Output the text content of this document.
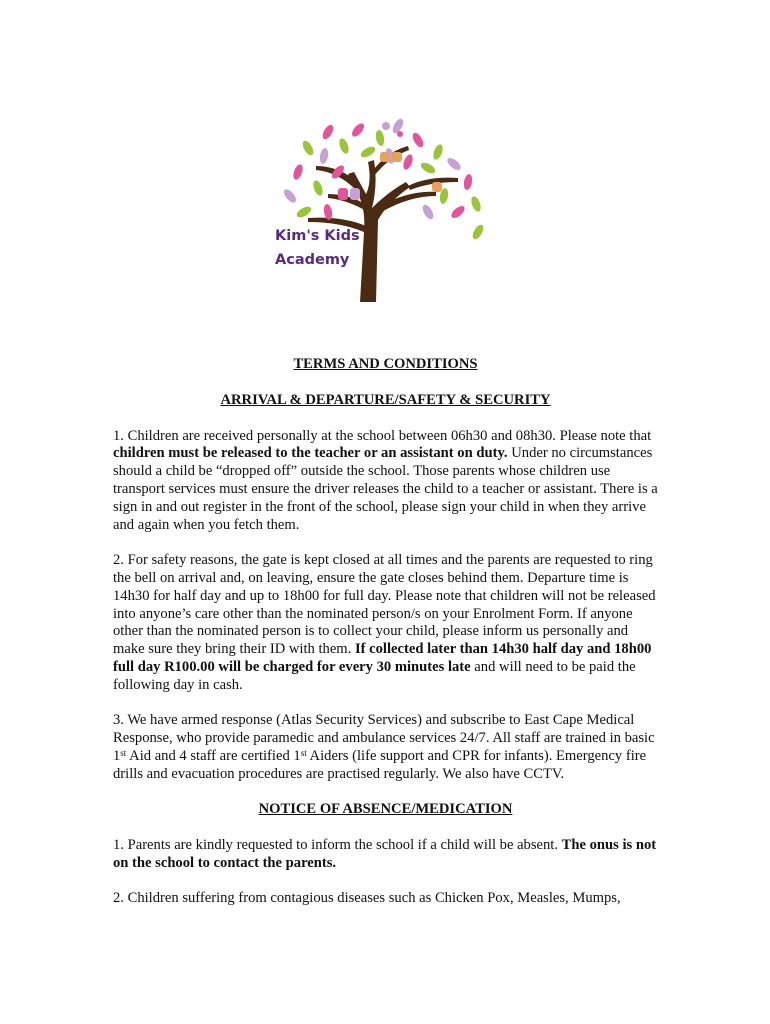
Kim's Kids
Academy
TERMS AND CONDITIONS
ARRIVAL & DEPARTURE/SAFETY & SECURITY

1. Children are received personally at the school between 06h30 and 08h30. Please note that children must be released to the teacher or an assistant on duty. Under no circumstances should a child be “dropped off” outside the school. Those parents whose children use transport services must ensure the driver releases the child to a teacher or assistant. There is a sign in and out register in the front of the school, please sign your child in when they arrive and again when you fetch them.

2. For safety reasons, the gate is kept closed at all times and the parents are requested to ring the bell on arrival and, on leaving, ensure the gate closes behind them. Departure time is 14h30 for half day and up to 18h00 for full day. Please note that children will not be released into anyone’s care other than the nominated person/s on your Enrolment Form. If anyone other than the nominated person is to collect your child, please inform us personally and make sure they bring their ID with them. If collected later than 14h30 half day and 18h00 full day R100.00 will be charged for every 30 minutes late and will need to be paid the following day in cash.

3. We have armed response (Atlas Security Services) and subscribe to East Cape Medical Response, who provide paramedic and ambulance services 24/7. All staff are trained in basic 1st Aid and 4 staff are certified 1st Aiders (life support and CPR for infants). Emergency fire drills and evacuation procedures are practised regularly. We also have CCTV.

NOTICE OF ABSENCE/MEDICATION

1. Parents are kindly requested to inform the school if a child will be absent. The onus is not on the school to contact the parents.

2. Children suffering from contagious diseases such as Chicken Pox, Measles, Mumps,
